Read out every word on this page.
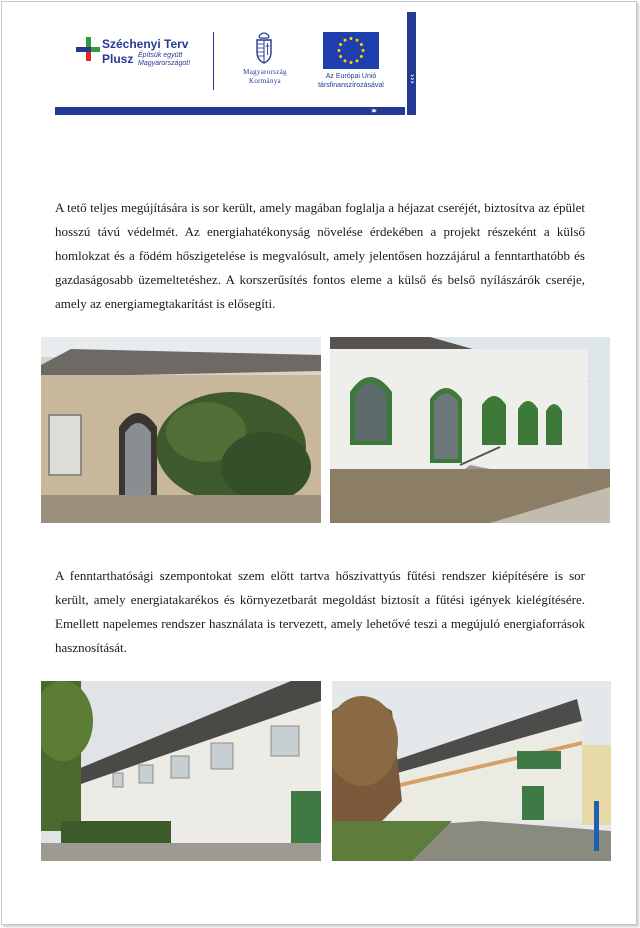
Széchenyi Terv
Plusz Építsük együtt
Magyarországot!
Magyarország
Kormánya
Az Európai Unió
társfinanszírozásával
›››
›››

A tető teljes megújítására is sor került, amely magában foglalja a héjazat cseréjét, biztosítva az épület hosszú távú védelmét. Az energiahatékonyság növelése érdekében a projekt részeként a külső homlokzat és a födém hőszigetelése is megvalósult, amely jelentősen hozzájárul a fenntarthatóbb és gazdaságosabb üzemeltetéshez. A korszerűsítés fontos eleme a külső és belső nyílászárók cseréje, amely az energiamegtakarítást is elősegíti.

A fenntarthatósági szempontokat szem előtt tartva hőszivattyús fűtési rendszer kiépítésére is sor került, amely energiatakarékos és környezetbarát megoldást biztosít a fűtési igények kielégítésére. Emellett napelemes rendszer használata is tervezett, amely lehetővé teszi a megújuló energiaforrások hasznosítását.
